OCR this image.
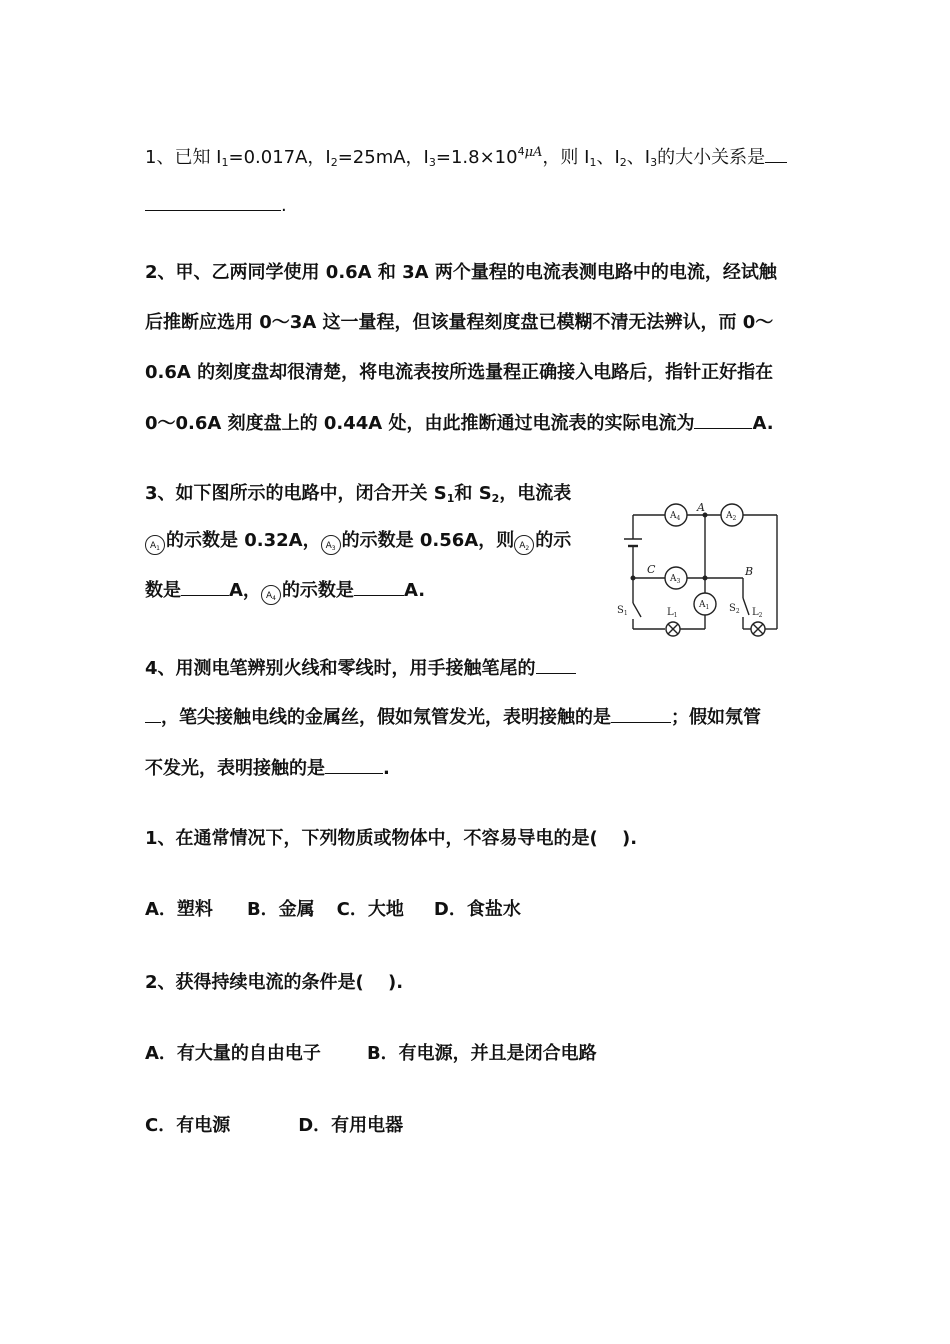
1、已知 $I_1=0.017A$，$I_2=25mA$，$I_3=1.8\times 10^{4\mu A}$，则 $I_1$、$I_2$、$I_3$的大小关系是
.
2、甲、乙两同学使用 0.6A 和 3A 两个量程的电流表测电路中的电流，经试触
后推断应选用 0～3A 这一量程，但该量程刻度盘已模糊不清无法辨认，而 0～
0.6A 的刻度盘却很清楚，将电流表按所选量程正确接入电路后，指针正好指在
0～0.6A 刻度盘上的 0.44A 处，由此推断通过电流表的实际电流为	A.
3、如下图所示的电路中，闭合开关 $S_1$和 $S_2$，电流表
$A_1$ 的示数是 0.32A， $A_3$ 的示数是 0.56A，则 $A_2$ 的示
数是	A， $A_4$ 的示数是	A.
$A_4$	$A_2$
$A_3$
$A_1$
A
B
C
$S_1$	$L_1$
$S_2$ $L_2$
4、用测电笔辨别火线和零线时，用手接触笔尾的
，笔尖接触电线的金属丝，假如氖管发光，表明接触的是	；假如氖管
不发光，表明接触的是	.
1、在通常情况下，下列物质或物体中，不容易导电的是(　 ).
A．塑料 B．金属 C．大地 D．食盐水
2、获得持续电流的条件是(　 ).
A．有大量的自由电子	B．有电源，并且是闭合电路
C．有电源	D．有用电器
